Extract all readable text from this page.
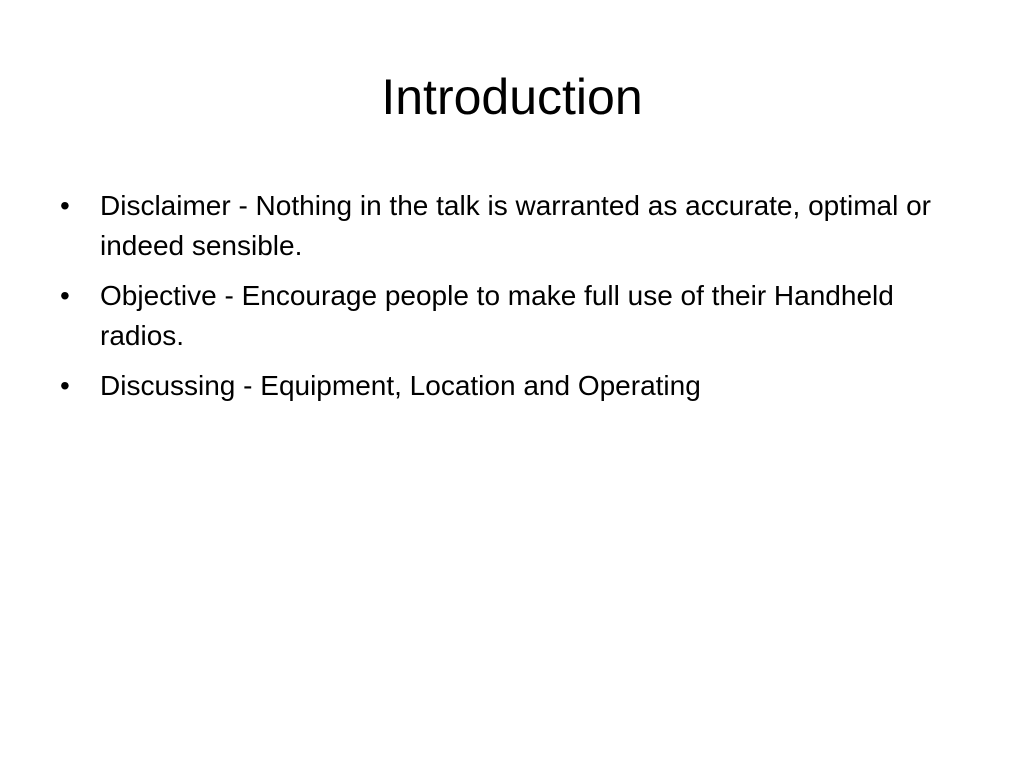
Introduction
•	Disclaimer - Nothing in the talk is warranted as accurate, optimal or indeed sensible.
•	Objective - Encourage people to make full use of their Handheld radios.
•	Discussing - Equipment, Location and Operating
